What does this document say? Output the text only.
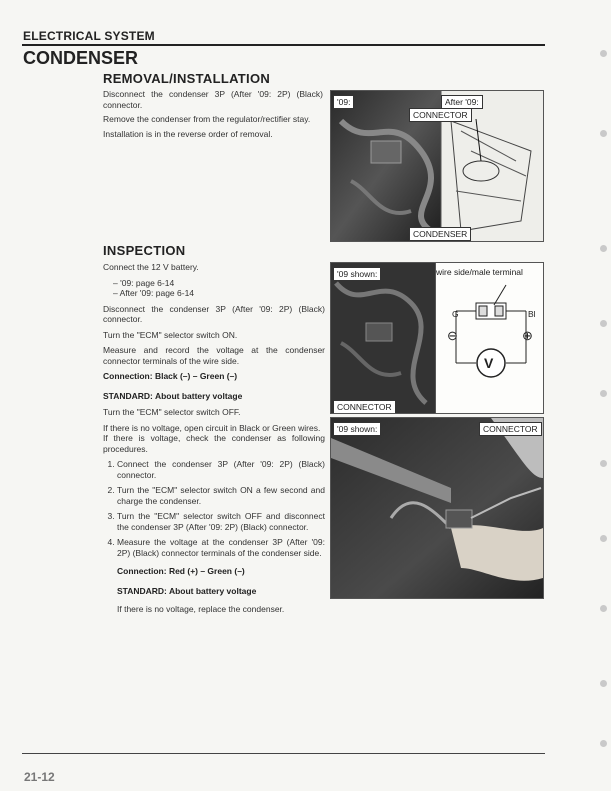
ELECTRICAL SYSTEM
CONDENSER
REMOVAL/INSTALLATION
Disconnect the condenser 3P (After '09: 2P) (Black) connector.
Remove the condenser from the regulator/rectifier stay.
Installation is in the reverse order of removal.
'09:	After '09:
CONNECTOR
CONDENSER
INSPECTION
Connect the 12 V battery.
– '09: page 6-14
– After '09: page 6-14
Disconnect the condenser 3P (After '09: 2P) (Black) connector.
Turn the "ECM" selector switch ON.
Measure and record the voltage at the condenser connector terminals of the wire side.
Connection: Black (–) – Green (–)
STANDARD: About battery voltage
Turn the "ECM" selector switch OFF.
If there is no voltage, open circuit in Black or Green wires.
If there is voltage, check the condenser as following procedures.
1. Connect the condenser 3P (After '09: 2P) (Black) connector.
2. Turn the "ECM" selector switch ON a few second and charge the condenser.
3. Turn the "ECM" selector switch OFF and disconnect the condenser 3P (After '09: 2P) (Black) connector.
4. Measure the voltage at the condenser 3P (After '09: 2P) (Black) connector terminals of the condenser side.
Connection: Red (+) – Green (–)
STANDARD: About battery voltage
If there is no voltage, replace the condenser.
wire side/male terminal
G	Bl
⊖	⊕
V
'09 shown:
CONNECTOR
'09 shown:	CONNECTOR
21-12
